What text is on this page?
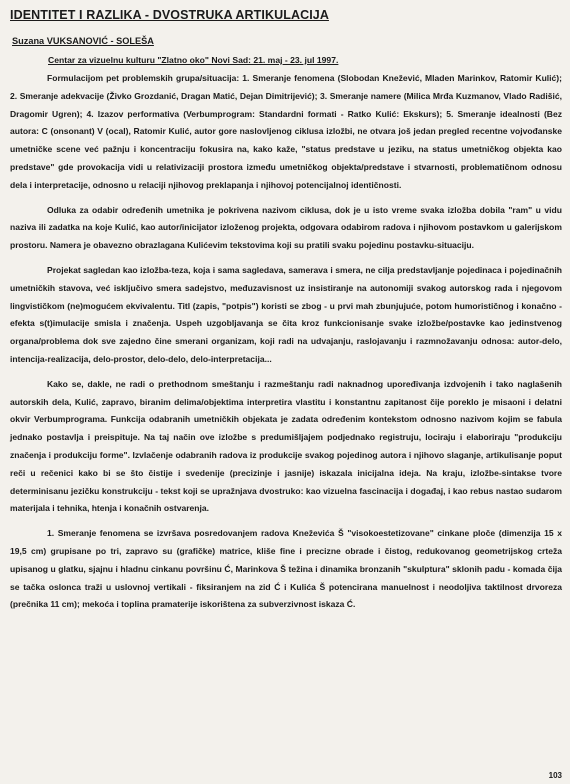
IDENTITET I RAZLIKA - DVOSTRUKA ARTIKULACIJA
Suzana VUKSANOVIĆ - SOLEŠA
Centar za vizuelnu kulturu "Zlatno oko" Novi Sad: 21. maj - 23. jul 1997.

Formulacijom pet problemskih grupa/situacija: 1. Smeranje fenomena (Slobodan Knežević, Mladen Marinkov, Ratomir Kulić); 2. Smeranje adekvacije (Živko Grozdanić, Dragan Matić, Dejan Dimitrijević); 3. Smeranje namere (Milica Mrđa Kuzmanov, Vlado Radišić, Dragomir Ugren); 4. Izazov performativa (Verbumprogram: Standardni formati - Ratko Kulić: Ekskurs); 5. Smeranje idealnosti (Bez autora: C (onsonant) V (ocal), Ratomir Kulić, autor gore naslovljenog ciklusa izložbi, ne otvara još jedan pregled recentne vojvođanske umetničke scene već pažnju i koncentraciju fokusira na, kako kaže, "status predstave u jeziku, na status umetničkog objekta kao predstave" gde provokacija vidi u relativizaciji prostora između umetničkog objekta/predstave i stvarnosti, problematičnom odnosu dela i interpretacije, odnosno u relaciji njihovog preklapanja i njihovoj potencijalnoj identičnosti.

Odluka za odabir određenih umetnika je pokrivena nazivom ciklusa, dok je u isto vreme svaka izložba dobila "ram" u vidu naziva ili zadatka na koje Kulić, kao autor/inicijator izloženog projekta, odgovara odabirom radova i njihovom postavkom u galerijskom prostoru. Namera je obavezno obrazlagana Kulićevim tekstovima koji su pratili svaku pojedinu postavku-situaciju.

Projekat sagledan kao izložba-teza, koja i sama sagledava, samerava i smera, ne cilja predstavljanje pojedinaca i pojedinačnih umetničkih stavova, već isključivo smera sadejstvo, međuzavisnost uz insistiranje na autonomiji svakog autorskog rada i njegovom lingvističkom (ne)mogućem ekvivalentu. Titl (zapis, "potpis") koristi se zbog - u prvi mah zbunjujuće, potom humorističnog i konačno - efekta s(t)imulacije smisla i značenja. Uspeh uzgobljavanja se čita kroz funkcionisanje svake izložbe/postavke kao jedinstvenog organa/problema dok sve zajedno čine smerani organizam, koji radi na udvajanju, raslojavanju i razmnožavanju odnosa: autor-delo, intencija-realizacija, delo-prostor, delo-delo, delo-interpretacija...

Kako se, dakle, ne radi o prethodnom smeštanju i razmeštanju radi naknadnog upoređivanja izdvojenih i tako naglašenih autorskih dela, Kulić, zapravo, biranim delima/objektima interpretira vlastitu i konstantnu zapitanost čije poreklo je misaoni i delatni okvir Verbumprograma. Funkcija odabranih umetničkih objekata je zadata određenim kontekstom odnosno nazivom kojim se fabula jednako postavlja i preispituje. Na taj način ove izložbe s predumišljajem podjednako registruju, lociraju i elaboriraju "produkciju značenja i produkciju forme". Izvlačenje odabranih radova iz produkcije svakog pojedinog autora i njihovo slaganje, artikulisanje poput reči u rečenici kako bi se što čistije i svedenije (precizinje i jasnije) iskazala inicijalna ideja. Na kraju, izložbe-sintakse tvore determinisanu jezičku konstrukciju - tekst koji se upražnjava dvostruko: kao vizuelna fascinacija i događaj, i kao rebus nastao sudarom materijala i tehnika, htenja i konačnih ostvarenja.

1. Smeranje fenomena se izvršava posredovanjem radova Kneževića Š "visokoestetizovane" cinkane ploče (dimenzija 15 x 19,5 cm) grupisane po tri, zapravo su (grafičke) matrice, kliše fine i precizne obrade i čistog, redukovanog geometrijskog crteža upisanog u glatku, sjajnu i hladnu cinkanu površinu Ć, Marinkova Š težina i dinamika bronzanih "skulptura" sklonih padu - komada čija se tačka oslonca traži u uslovnoj vertikali - fiksiranjem na zid Ć i Kulića Š potencirana manuelnost i neodoljiva taktilnost drvoreza (prečnika 11 cm); mekoća i toplina pramaterije iskorištena za subverzivnost iskaza Ć.

103
